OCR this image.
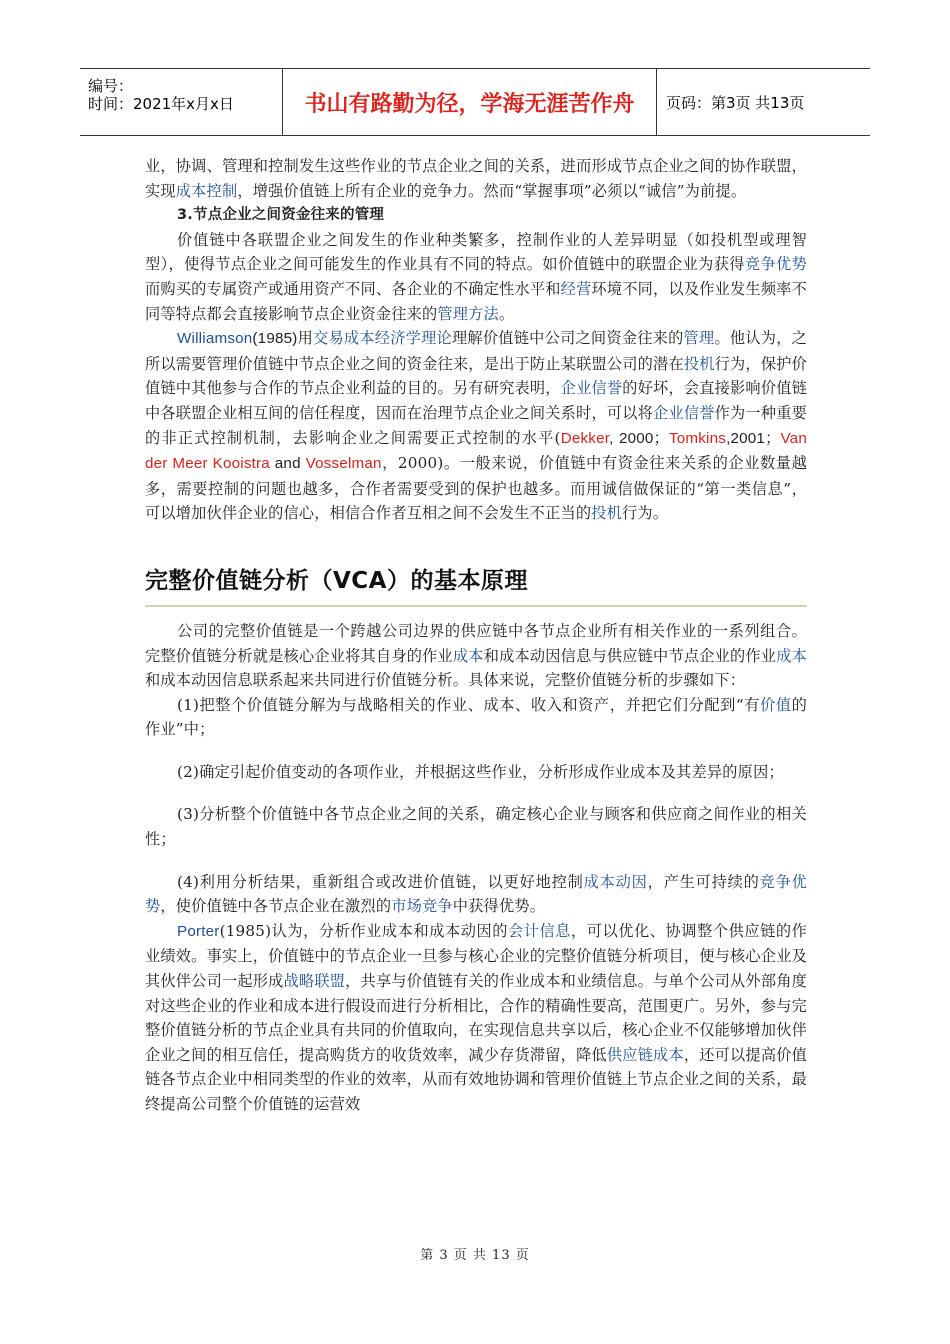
编号：
时间：2021年x月x日	书山有路勤为径，学海无涯苦作舟	页码：第3页 共13页

业，协调、管理和控制发生这些作业的节点企业之间的关系，进而形成节点企业之间的协作联盟，实现成本控制，增强价值链上所有企业的竞争力。然而“掌握事项”必须以“诚信”为前提。

3.节点企业之间资金往来的管理

价值链中各联盟企业之间发生的作业种类繁多，控制作业的人差异明显（如投机型或理智型），使得节点企业之间可能发生的作业具有不同的特点。如价值链中的联盟企业为获得竞争优势而购买的专属资产或通用资产不同、各企业的不确定性水平和经营环境不同，以及作业发生频率不同等特点都会直接影响节点企业资金往来的管理方法。

Williamson(1985)用交易成本经济学理论理解价值链中公司之间资金往来的管理。他认为，之所以需要管理价值链中节点企业之间的资金往来，是出于防止某联盟公司的潜在投机行为，保护价值链中其他参与合作的节点企业利益的目的。另有研究表明，企业信誉的好坏，会直接影响价值链中各联盟企业相互间的信任程度，因而在治理节点企业之间关系时，可以将企业信誉作为一种重要的非正式控制机制，去影响企业之间需要正式控制的水平(Dekker, 2000；Tomkins,2001；Van der Meer Kooistra and Vosselman，2000)。一般来说，价值链中有资金往来关系的企业数量越多，需要控制的问题也越多，合作者需要受到的保护也越多。而用诚信做保证的“第一类信息”，可以增加伙伴企业的信心，相信合作者互相之间不会发生不正当的投机行为。

完整价值链分析（VCA）的基本原理

公司的完整价值链是一个跨越公司边界的供应链中各节点企业所有相关作业的一系列组合。完整价值链分析就是核心企业将其自身的作业成本和成本动因信息与供应链中节点企业的作业成本和成本动因信息联系起来共同进行价值链分析。具体来说，完整价值链分析的步骤如下：

(1)把整个价值链分解为与战略相关的作业、成本、收入和资产，并把它们分配到“有价值的作业”中；

(2)确定引起价值变动的各项作业，并根据这些作业，分析形成作业成本及其差异的原因；

(3)分析整个价值链中各节点企业之间的关系，确定核心企业与顾客和供应商之间作业的相关性；

(4)利用分析结果，重新组合或改进价值链，以更好地控制成本动因，产生可持续的竞争优势，使价值链中各节点企业在激烈的市场竞争中获得优势。

Porter(1985)认为，分析作业成本和成本动因的会计信息，可以优化、协调整个供应链的作业绩效。事实上，价值链中的节点企业一旦参与核心企业的完整价值链分析项目，便与核心企业及其伙伴公司一起形成战略联盟，共享与价值链有关的作业成本和业绩信息。与单个公司从外部角度对这些企业的作业和成本进行假设而进行分析相比，合作的精确性要高，范围更广。另外，参与完整价值链分析的节点企业具有共同的价值取向，在实现信息共享以后，核心企业不仅能够增加伙伴企业之间的相互信任，提高购货方的收货效率，减少存货滞留，降低供应链成本，还可以提高价值链各节点企业中相同类型的作业的效率，从而有效地协调和管理价值链上节点企业之间的关系，最终提高公司整个价值链的运营效

第 3 页 共 13 页
